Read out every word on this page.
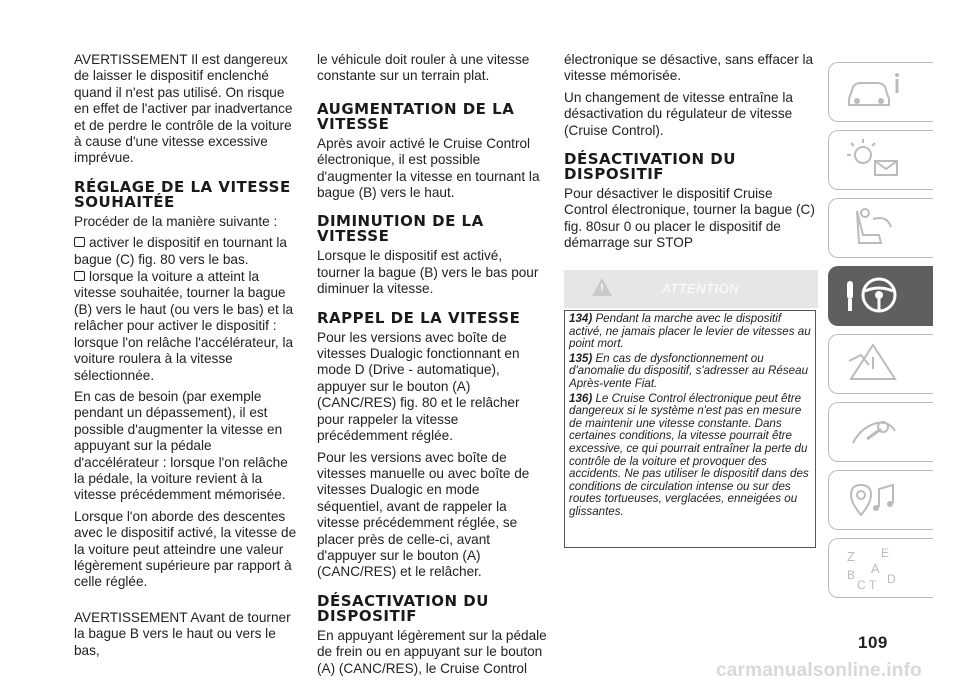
AVERTISSEMENT Il est dangereux de laisser le dispositif enclenché quand il n'est pas utilisé. On risque en effet de l'activer par inadvertance et de perdre le contrôle de la voiture à cause d'une vitesse excessive imprévue.

RÉGLAGE DE LA VITESSE SOUHAITÉE

Procéder de la manière suivante :

activer le dispositif en tournant la bague (C) fig. 80 vers le bas.
lorsque la voiture a atteint la vitesse souhaitée, tourner la bague (B) vers le haut (ou vers le bas) et la relâcher pour activer le dispositif : lorsque l'on relâche l'accélérateur, la voiture roulera à la vitesse sélectionnée.

En cas de besoin (par exemple pendant un dépassement), il est possible d'augmenter la vitesse en appuyant sur la pédale d'accélérateur : lorsque l'on relâche la pédale, la voiture revient à la vitesse précédemment mémorisée.

Lorsque l'on aborde des descentes avec le dispositif activé, la vitesse de la voiture peut atteindre une valeur légèrement supérieure par rapport à celle réglée.

AVERTISSEMENT Avant de tourner la bague B vers le haut ou vers le bas,

le véhicule doit rouler à une vitesse constante sur un terrain plat.

AUGMENTATION DE LA VITESSE

Après avoir activé le Cruise Control électronique, il est possible d'augmenter la vitesse en tournant la bague (B) vers le haut.

DIMINUTION DE LA VITESSE

Lorsque le dispositif est activé, tourner la bague (B) vers le bas pour diminuer la vitesse.

RAPPEL DE LA VITESSE

Pour les versions avec boîte de vitesses Dualogic fonctionnant en mode D (Drive - automatique), appuyer sur le bouton (A) (CANC/RES) fig. 80 et le relâcher pour rappeler la vitesse précédemment réglée.

Pour les versions avec boîte de vitesses manuelle ou avec boîte de vitesses Dualogic en mode séquentiel, avant de rappeler la vitesse précédemment réglée, se placer près de celle-ci, avant d'appuyer sur le bouton (A) (CANC/RES) et le relâcher.

DÉSACTIVATION DU DISPOSITIF

En appuyant légèrement sur la pédale de frein ou en appuyant sur le bouton (A) (CANC/RES), le Cruise Control

électronique se désactive, sans effacer la vitesse mémorisée.

Un changement de vitesse entraîne la désactivation du régulateur de vitesse (Cruise Control).

DÉSACTIVATION DU DISPOSITIF

Pour désactiver le dispositif Cruise Control électronique, tourner la bague (C) fig. 80sur 0 ou placer le dispositif de démarrage sur STOP

!	ATTENTION

134) Pendant la marche avec le dispositif activé, ne jamais placer le levier de vitesses au point mort.

135) En cas de dysfonctionnement ou d'anomalie du dispositif, s'adresser au Réseau Après-vente Fiat.

136) Le Cruise Control électronique peut être dangereux si le système n'est pas en mesure de maintenir une vitesse constante. Dans certaines conditions, la vitesse pourrait être excessive, ce qui pourrait entraîner la perte du contrôle de la voiture et provoquer des accidents. Ne pas utiliser le dispositif dans des conditions de circulation intense ou sur des routes tortueuses, verglacées, enneigées ou glissantes.

Z E
A
B
C D
T
109
carmanualsonline.info
